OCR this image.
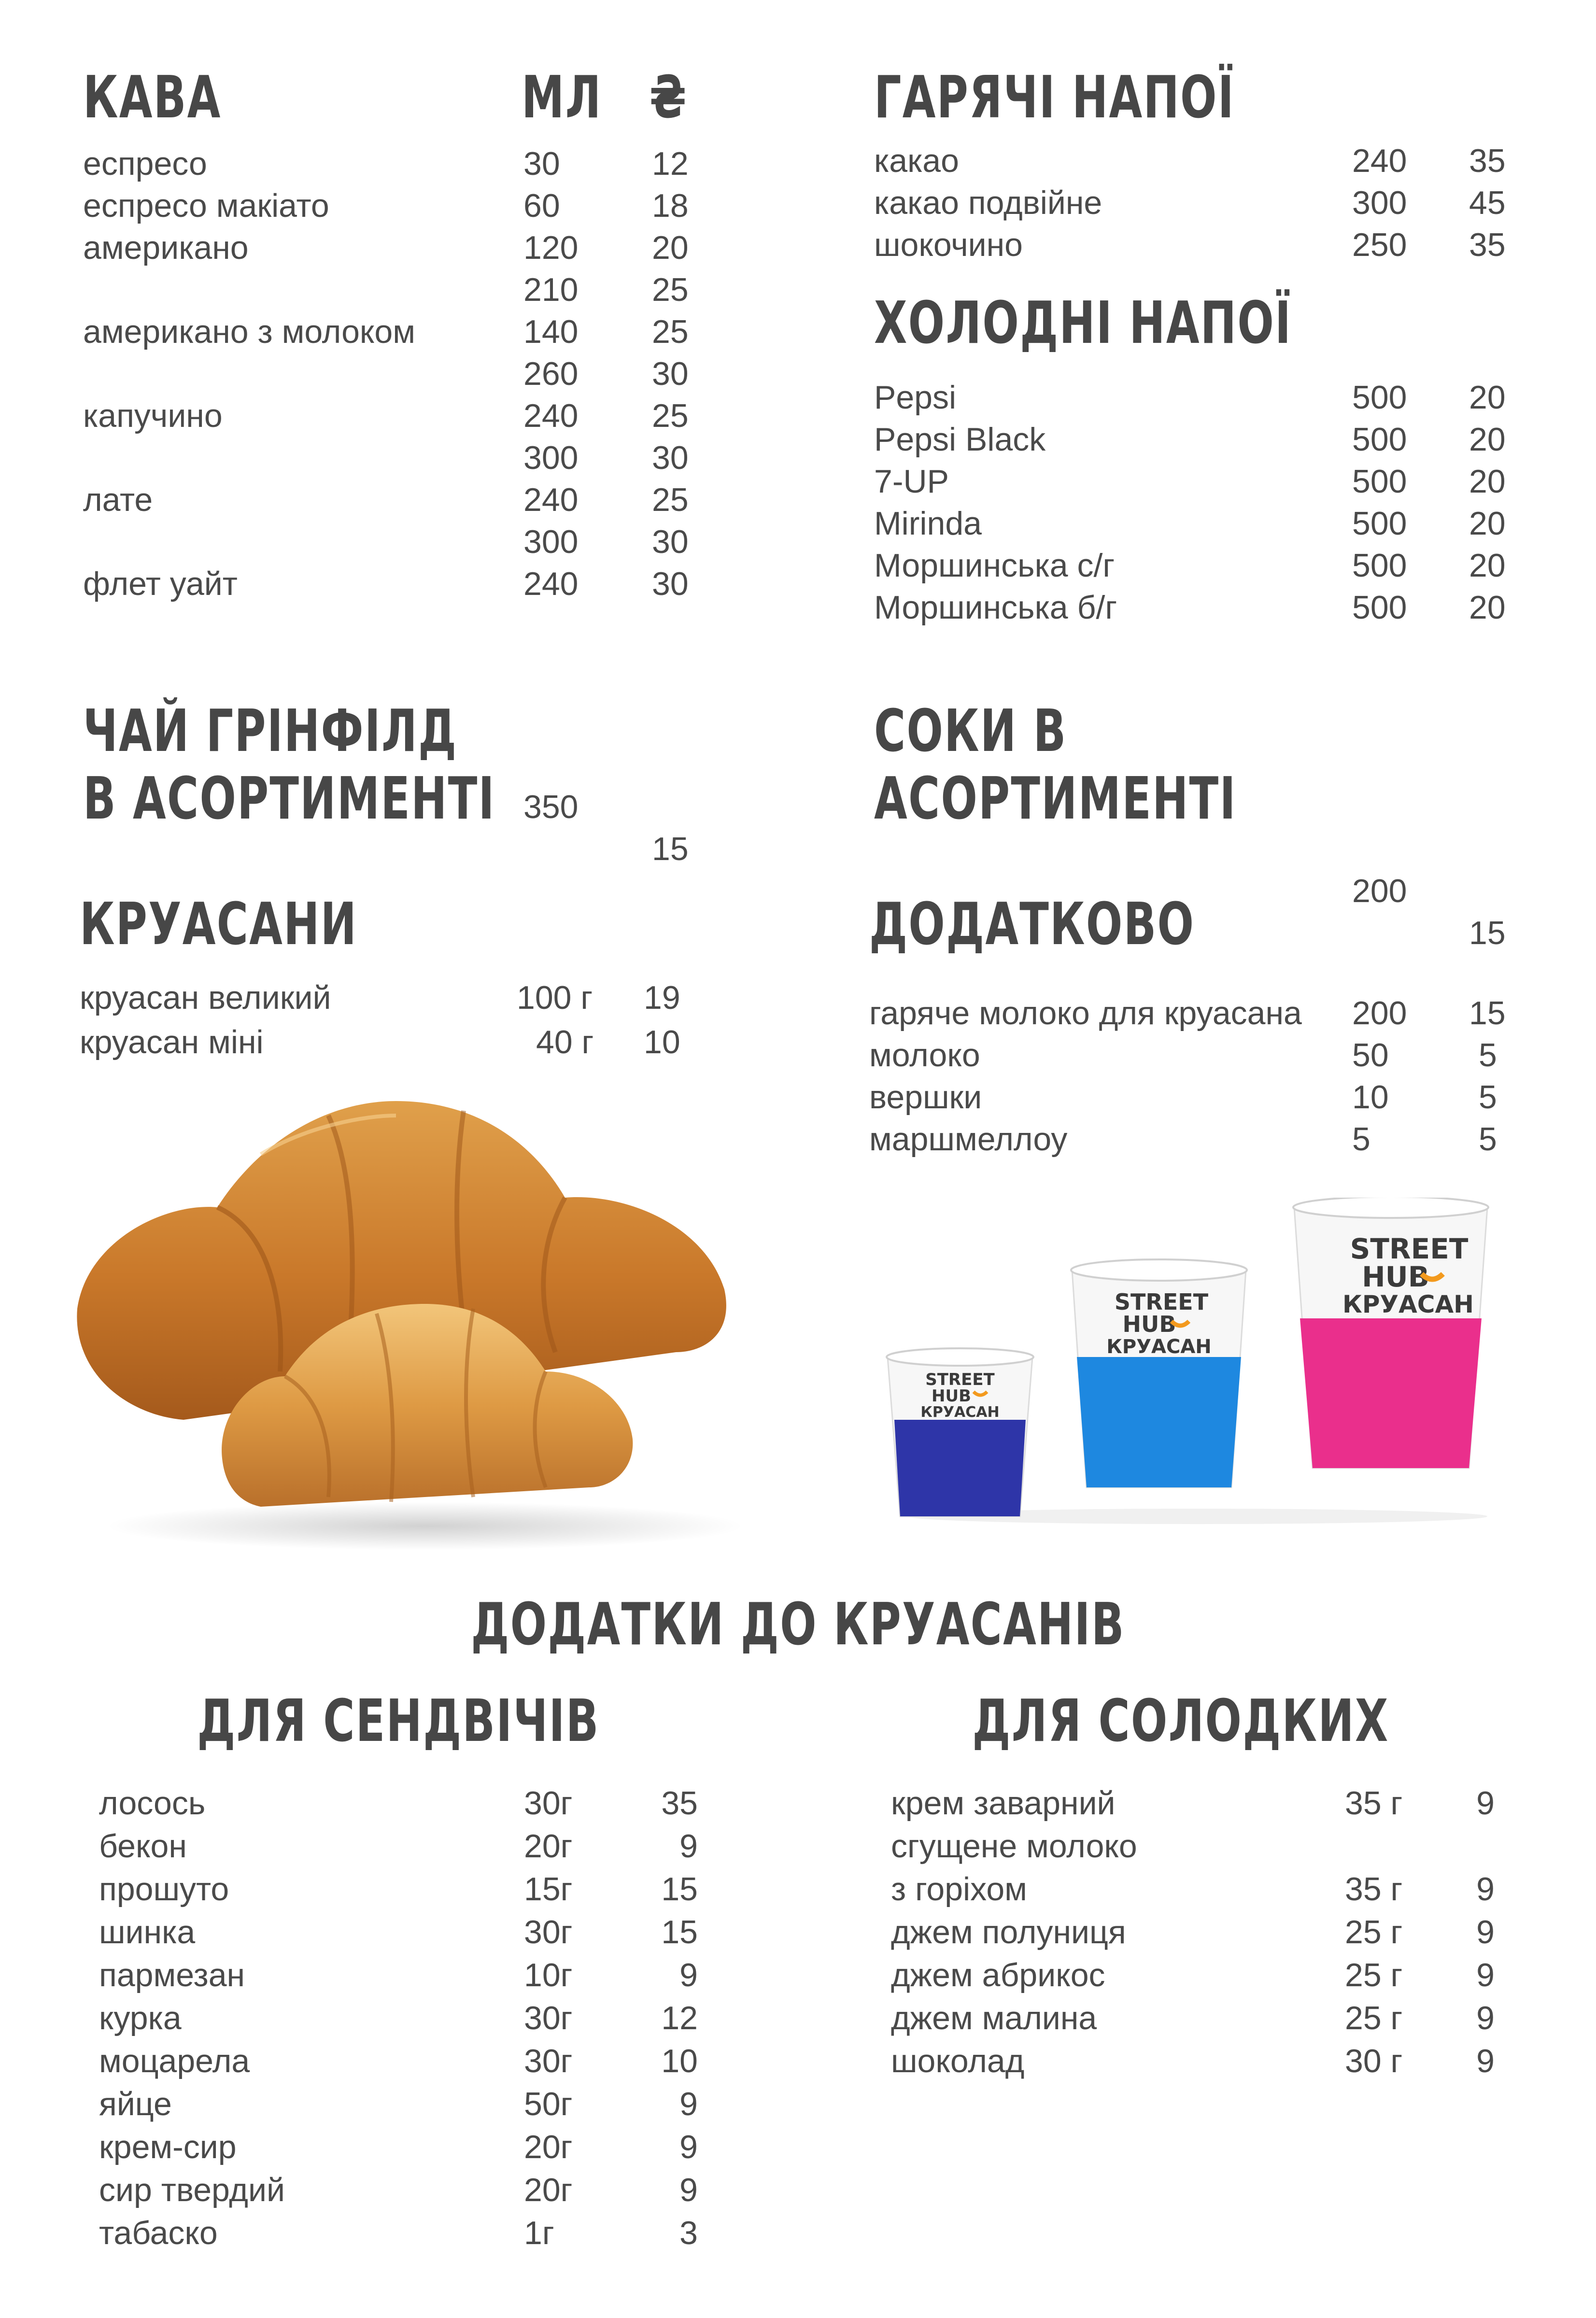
КАВА	МЛ ₴
еспресо	30	12
еспресо макіато	60	18
американо	120 20
210 25
американо з молоком	140 25
260 30
капучино	240 25
300 30
лате	240 25
300 30
флет уайт	240 30
ГАРЯЧІ НАПОЇ
какао	240 35
какао подвійне	300 45
шокочино	250 35
ХОЛОДНІ НАПОЇ
Pepsi	500 20
Pepsi Black	500 20
7-UP	500 20
Mirinda	500 20
Моршинська с/г	500 20
Моршинська б/г	500 20
ЧАЙ ГРІНФІЛД
В АСОРТИМЕНТІ 350
15
СОКИ В
АСОРТИМЕНТІ
200
15
КРУАСАНИ
круасан великий	100 г 19
круасан міні	40 г 10
ДОДАТКОВО
гаряче молоко для круасана 200 15
молоко	50	5
вершки	10	5
маршмеллоу	5	5
STREET
HUB
КРУАСАН
STREET
HUB
КРУАСАН
STREET
HUB
КРУАСАН
ДОДАТКИ ДО КРУАСАНІВ
ДЛЯ СЕНДВІЧІВ
лосось	30г	35
бекон	20г	9
прошуто	15г	15
шинка	30г	15
пармезан	10г	9
курка	30г	12
моцарела	30г	10
яйце	50г	9
крем-сир	20г	9
сир твердий	20г	9
табаско	1г	3
ДЛЯ СОЛОДКИХ
крем заварний	35 г	9
сгущене молоко
з горіхом	35 г	9
джем полуниця	25 г	9
джем абрикос	25 г	9
джем малина	25 г	9
шоколад	30 г	9
